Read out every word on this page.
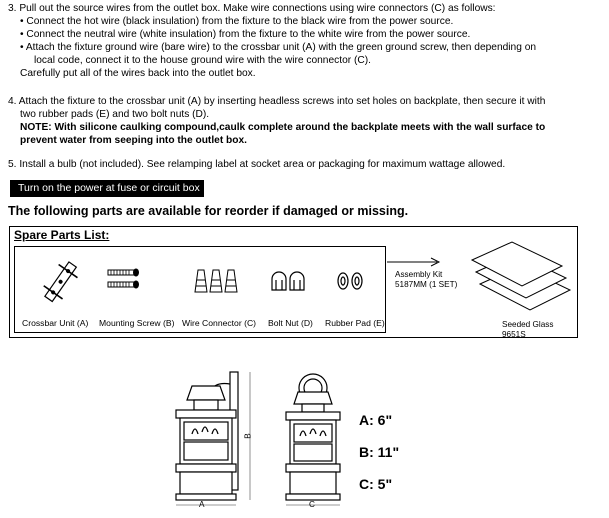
3. Pull out the source wires from the outlet box. Make wire connections using wire connectors (C) as follows:
• Connect the hot wire (black insulation) from the fixture to the black wire from the power source.
• Connect the neutral wire (white insulation) from the fixture to the white wire from the power source.
• Attach the fixture ground wire (bare wire) to the crossbar unit (A) with the green ground screw, then depending on
local code, connect it to the house ground wire with the wire connector (C).
Carefully put all of the wires back into the outlet box.
4. Attach the fixture to the crossbar unit (A) by inserting headless screws into set holes on backplate, then secure it with
two rubber pads (E) and two bolt nuts (D).
NOTE: With silicone caulking compound,caulk complete around the backplate meets with the wall surface to
prevent water from seeping into the outlet box.
5. Install a bulb (not included). See relamping label at socket area or packaging for maximum wattage allowed.
Turn on the power at fuse or circuit box
The following parts are available for reorder if damaged or missing.
Spare Parts List:
Crossbar Unit (A) Mounting Screw (B) Wire Connector (C) Bolt Nut (D) Rubber Pad (E)
Assembly Kit
5187MM (1 SET)
Seeded Glass
9651S
A
B
C
A: 6"
B: 11"
C: 5"
